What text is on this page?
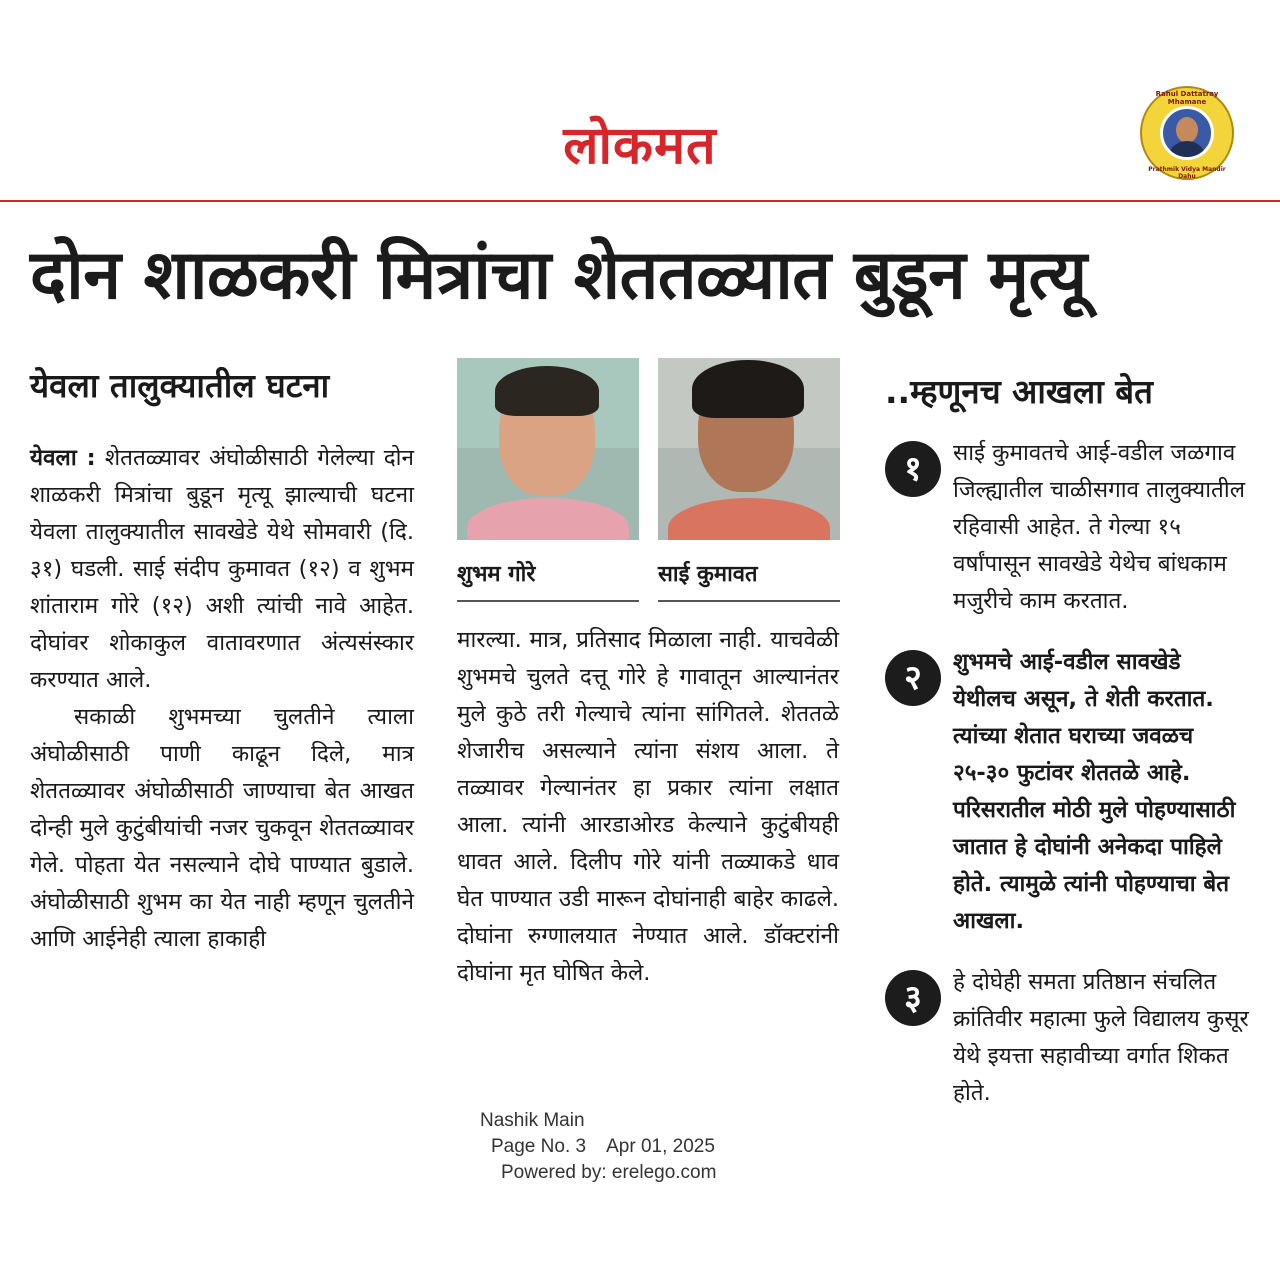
लोकमत
Rahul Dattatray Mhamane
Prathmik Vidya Mandir Dahu
दोन शाळकरी मित्रांचा शेततळ्यात बुडून मृत्यू
येवला तालुक्यातील घटना

येवला : शेततळ्यावर अंघोळीसाठी गेलेल्या दोन शाळकरी मित्रांचा बुडून मृत्यू झाल्याची घटना येवला तालुक्यातील सावखेडे येथे सोमवारी (दि. ३१) घडली. साई संदीप कुमावत (१२) व शुभम शांताराम गोरे (१२) अशी त्यांची नावे आहेत. दोघांवर शोकाकुल वातावरणात अंत्यसंस्कार करण्यात आले.

सकाळी शुभमच्या चुलतीने त्याला अंघोळीसाठी पाणी काढून दिले, मात्र शेततळ्यावर अंघोळीसाठी जाण्याचा बेत आखत दोन्ही मुले कुटुंबीयांची नजर चुकवून शेततळ्यावर गेले. पोहता येत नसल्याने दोघे पाण्यात बुडाले. अंघोळीसाठी शुभम का येत नाही म्हणून चुलतीने आणि आईनेही त्याला हाकाही

शुभम गोरे	साई कुमावत

मारल्या. मात्र, प्रतिसाद मिळाला नाही. याचवेळी शुभमचे चुलते दत्तू गोरे हे गावातून आल्यानंतर मुले कुठे तरी गेल्याचे त्यांना सांगितले. शेततळे शेजारीच असल्याने त्यांना संशय आला. ते तळ्यावर गेल्यानंतर हा प्रकार त्यांना लक्षात आला. त्यांनी आरडाओरड केल्याने कुटुंबीयही धावत आले. दिलीप गोरे यांनी तळ्याकडे धाव घेत पाण्यात उडी मारून दोघांनाही बाहेर काढले. दोघांना रुग्णालयात नेण्यात आले. डॉक्टरांनी दोघांना मृत घोषित केले.

..म्हणूनच आखला बेत
१	साई कुमावतचे आई-वडील जळगाव जिल्ह्यातील चाळीसगाव तालुक्यातील रहिवासी आहेत. ते गेल्या १५ वर्षांपासून सावखेडे येथेच बांधकाम मजुरीचे काम करतात.
२	शुभमचे आई-वडील सावखेडे येथीलच असून, ते शेती करतात. त्यांच्या शेतात घराच्या जवळच २५-३० फुटांवर शेततळे आहे. परिसरातील मोठी मुले पोहण्यासाठी जातात हे दोघांनी अनेकदा पाहिले होते. त्यामुळे त्यांनी पोहण्याचा बेत आखला.
३	हे दोघेही समता प्रतिष्ठान संचलित क्रांतिवीर महात्मा फुले विद्यालय कुसूर येथे इयत्ता सहावीच्या वर्गात शिकत होते.
Nashik Main
Page No. 3    Apr 01, 2025
Powered by: erelego.com
